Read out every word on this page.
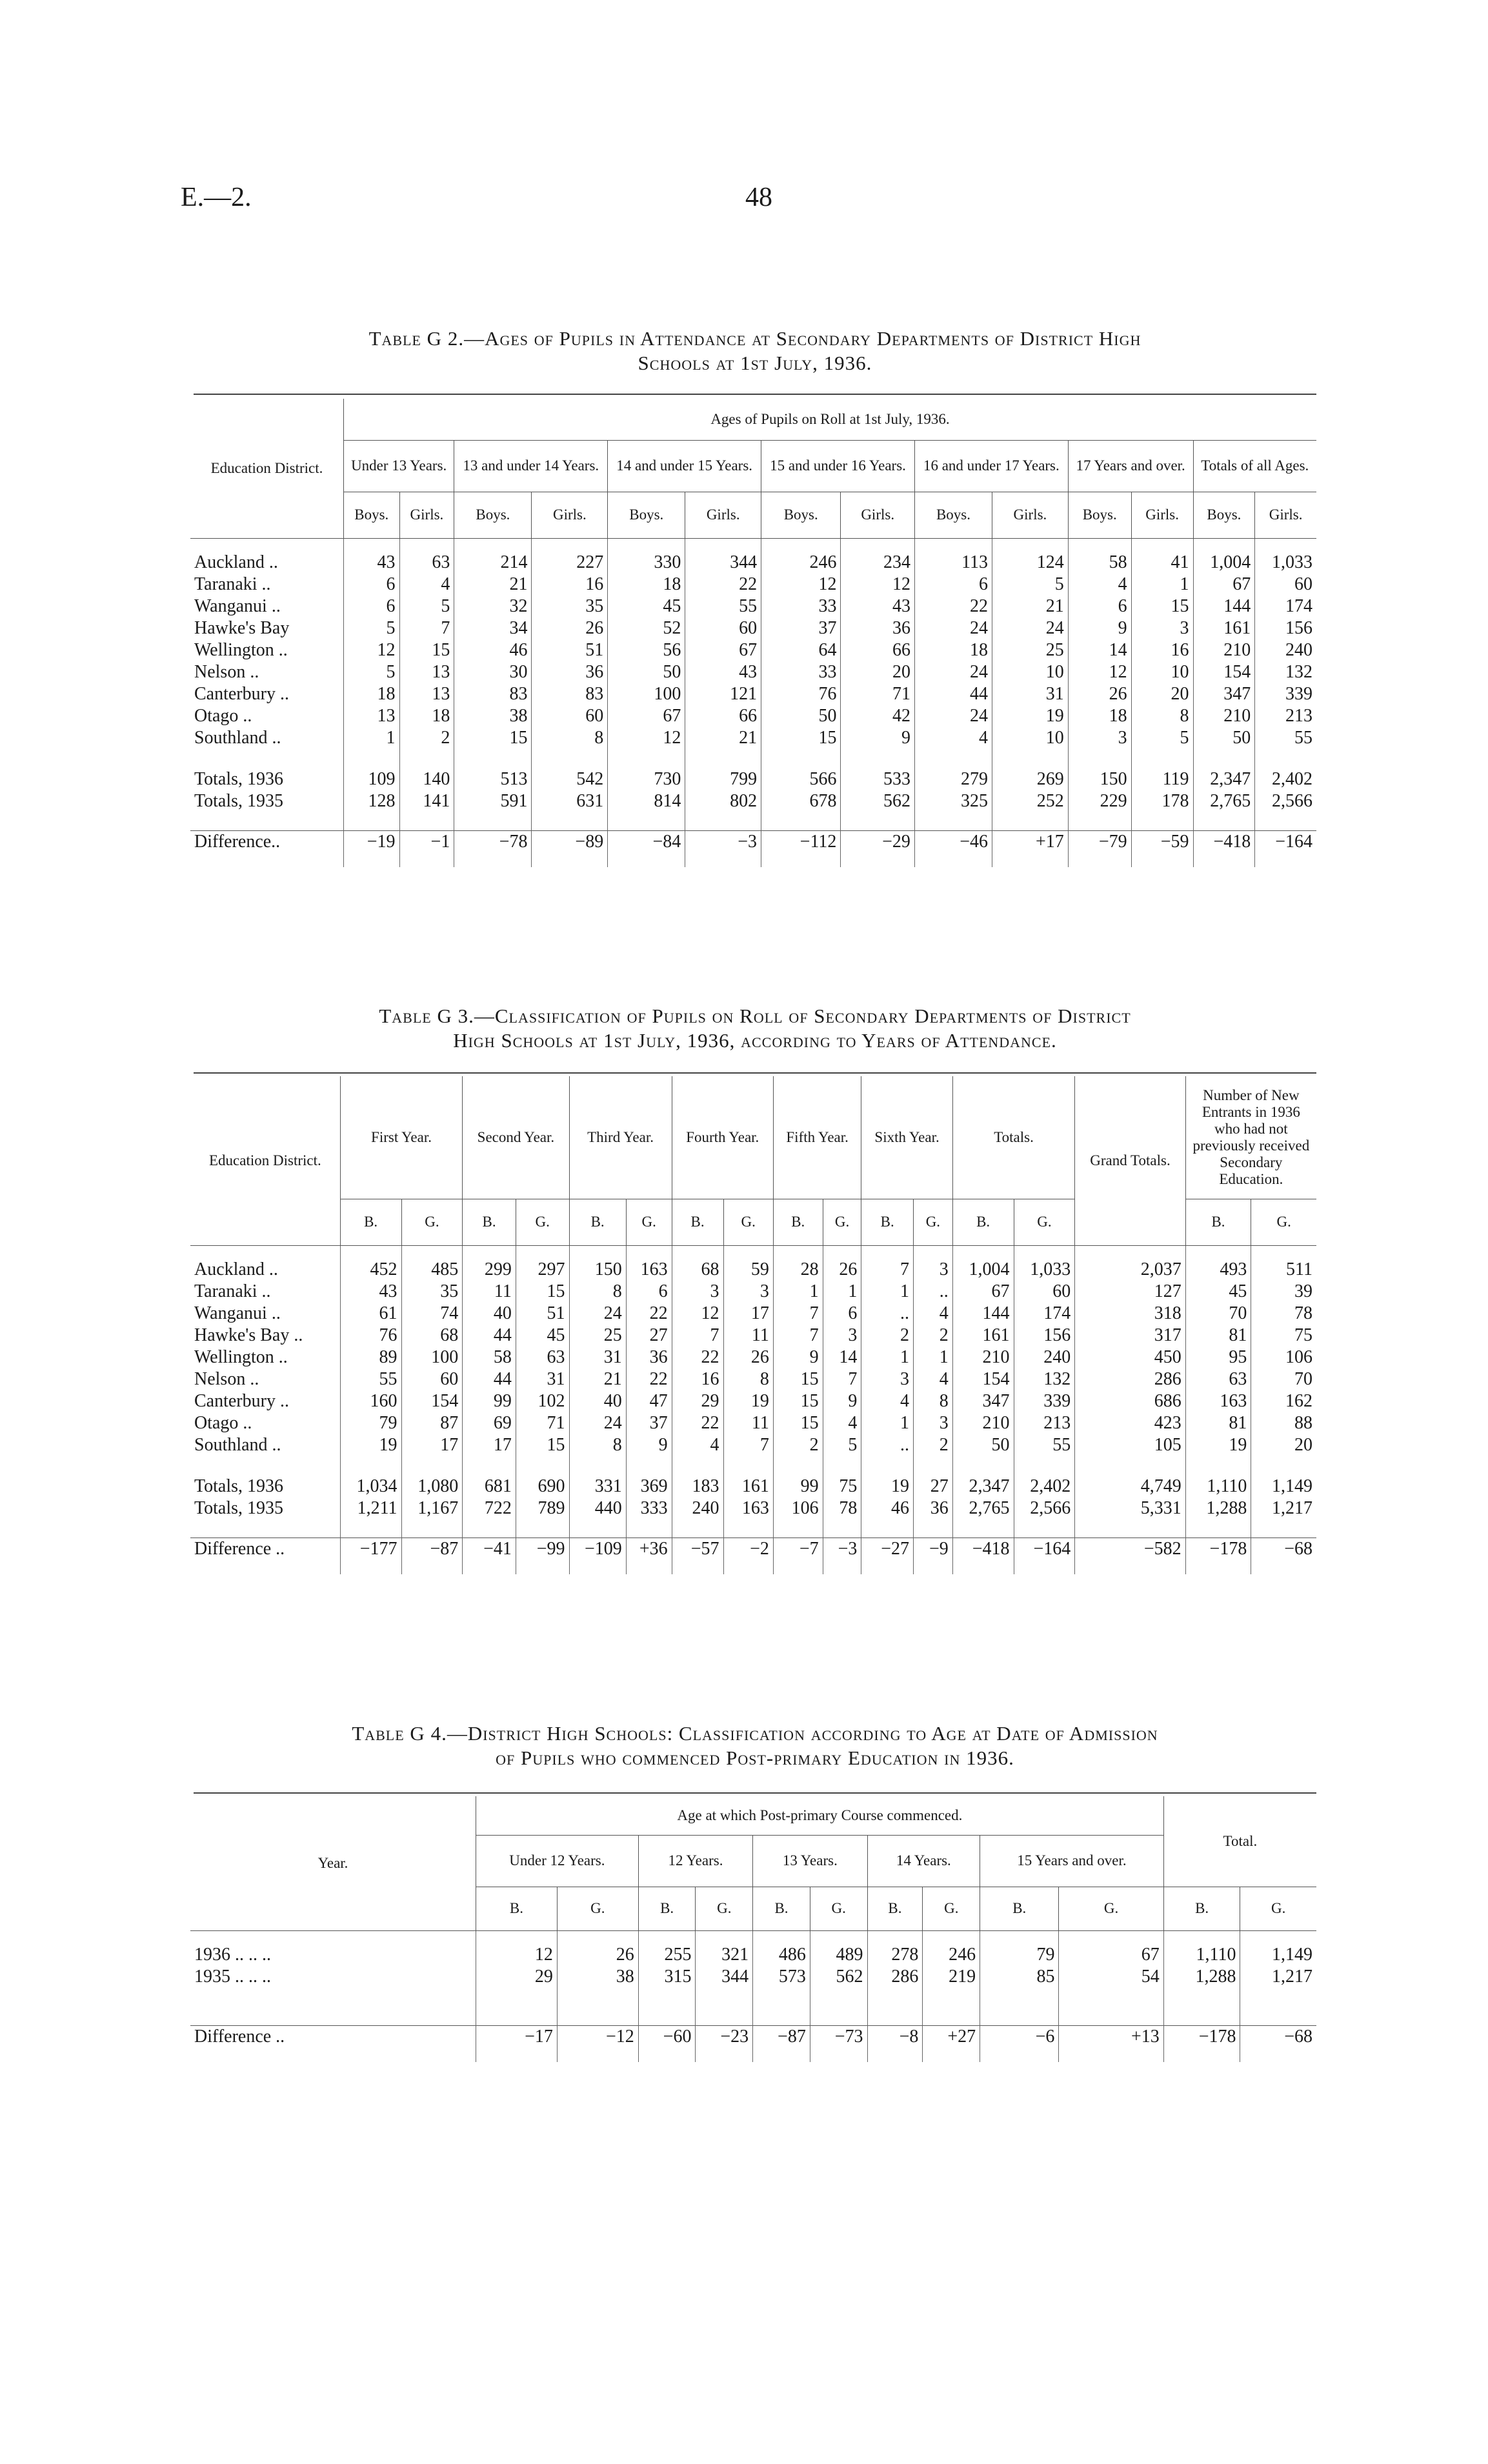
E.—2.	48
Table G 2.—Ages of Pupils in Attendance at Secondary Departments of District High
Schools at 1st July, 1936.
Education District.	Ages of Pupils on Roll at 1st July, 1936.													
	Under 13 Years.		13 and under 14 Years.		14 and under 15 Years.		15 and under 16 Years.		16 and under 17 Years.		17 Years and over.		Totals of all Ages.	
	Boys.	Girls.	Boys.	Girls.	Boys.	Girls.	Boys.	Girls.	Boys.	Girls.	Boys.	Girls.	Boys.	Girls.

Auckland ..	43	63	214	227	330	344	246	234	113	124	58	41	1,004	1,033
Taranaki ..	6	4	21	16	18	22	12	12	6	5	4	1	67	60
Wanganui ..	6	5	32	35	45	55	33	43	22	21	6	15	144	174
Hawke's Bay	5	7	34	26	52	60	37	36	24	24	9	3	161	156
Wellington ..	12	15	46	51	56	67	64	66	18	25	14	16	210	240
Nelson ..	5	13	30	36	50	43	33	20	24	10	12	10	154	132
Canterbury ..	18	13	83	83	100	121	76	71	44	31	26	20	347	339
Otago ..	13	18	38	60	67	66	50	42	24	19	18	8	210	213
Southland ..	1	2	15	8	12	21	15	9	4	10	3	5	50	55

Totals, 1936	109	140	513	542	730	799	566	533	279	269	150	119	2,347	2,402
Totals, 1935	128	141	591	631	814	802	678	562	325	252	229	178	2,765	2,566

Difference..	−19	−1	−78	−89	−84	−3	−112	−29	−46	+17	−79	−59	−418	−164

Table G 3.—Classification of Pupils on Roll of Secondary Departments of District
High Schools at 1st July, 1936, according to Years of Attendance.
Education District.	First Year.		Second Year.		Third Year.		Fourth Year.		Fifth Year.		Sixth Year.		Totals.		Grand Totals.	Number of New Entrants in 1936 who had not previously received Secondary Education.	
	B.	G.	B.	G.	B.	G.	B.	G.	B.	G.	B.	G.	B.	G.		B.	G.

Auckland ..	452	485	299	297	150	163	68	59	28	26	7	3	1,004	1,033	2,037	493	511
Taranaki ..	43	35	11	15	8	6	3	3	1	1	1	..	67	60	127	45	39
Wanganui ..	61	74	40	51	24	22	12	17	7	6	..	4	144	174	318	70	78
Hawke's Bay ..	76	68	44	45	25	27	7	11	7	3	2	2	161	156	317	81	75
Wellington ..	89	100	58	63	31	36	22	26	9	14	1	1	210	240	450	95	106
Nelson ..	55	60	44	31	21	22	16	8	15	7	3	4	154	132	286	63	70
Canterbury ..	160	154	99	102	40	47	29	19	15	9	4	8	347	339	686	163	162
Otago ..	79	87	69	71	24	37	22	11	15	4	1	3	210	213	423	81	88
Southland ..	19	17	17	15	8	9	4	7	2	5	..	2	50	55	105	19	20

Totals, 1936	1,034	1,080	681	690	331	369	183	161	99	75	19	27	2,347	2,402	4,749	1,110	1,149
Totals, 1935	1,211	1,167	722	789	440	333	240	163	106	78	46	36	2,765	2,566	5,331	1,288	1,217

Difference ..	−177	−87	−41	−99	−109	+36	−57	−2	−7	−3	−27	−9	−418	−164	−582	−178	−68

Table G 4.—District High Schools: Classification according to Age at Date of Admission
of Pupils who commenced Post-primary Education in 1936.
Year.	Age at which Post-primary Course commenced.										Total.	
	Under 12 Years.		12 Years.		13 Years.		14 Years.		15 Years and over.			
	B.	G.	B.	G.	B.	G.	B.	G.	B.	G.	B.	G.

1936 .. .. ..	12	26	255	321	486	489	278	246	79	67	1,110	1,149
1935 .. .. ..	29	38	315	344	573	562	286	219	85	54	1,288	1,217

Difference ..	−17	−12	−60	−23	−87	−73	−8	+27	−6	+13	−178	−68
